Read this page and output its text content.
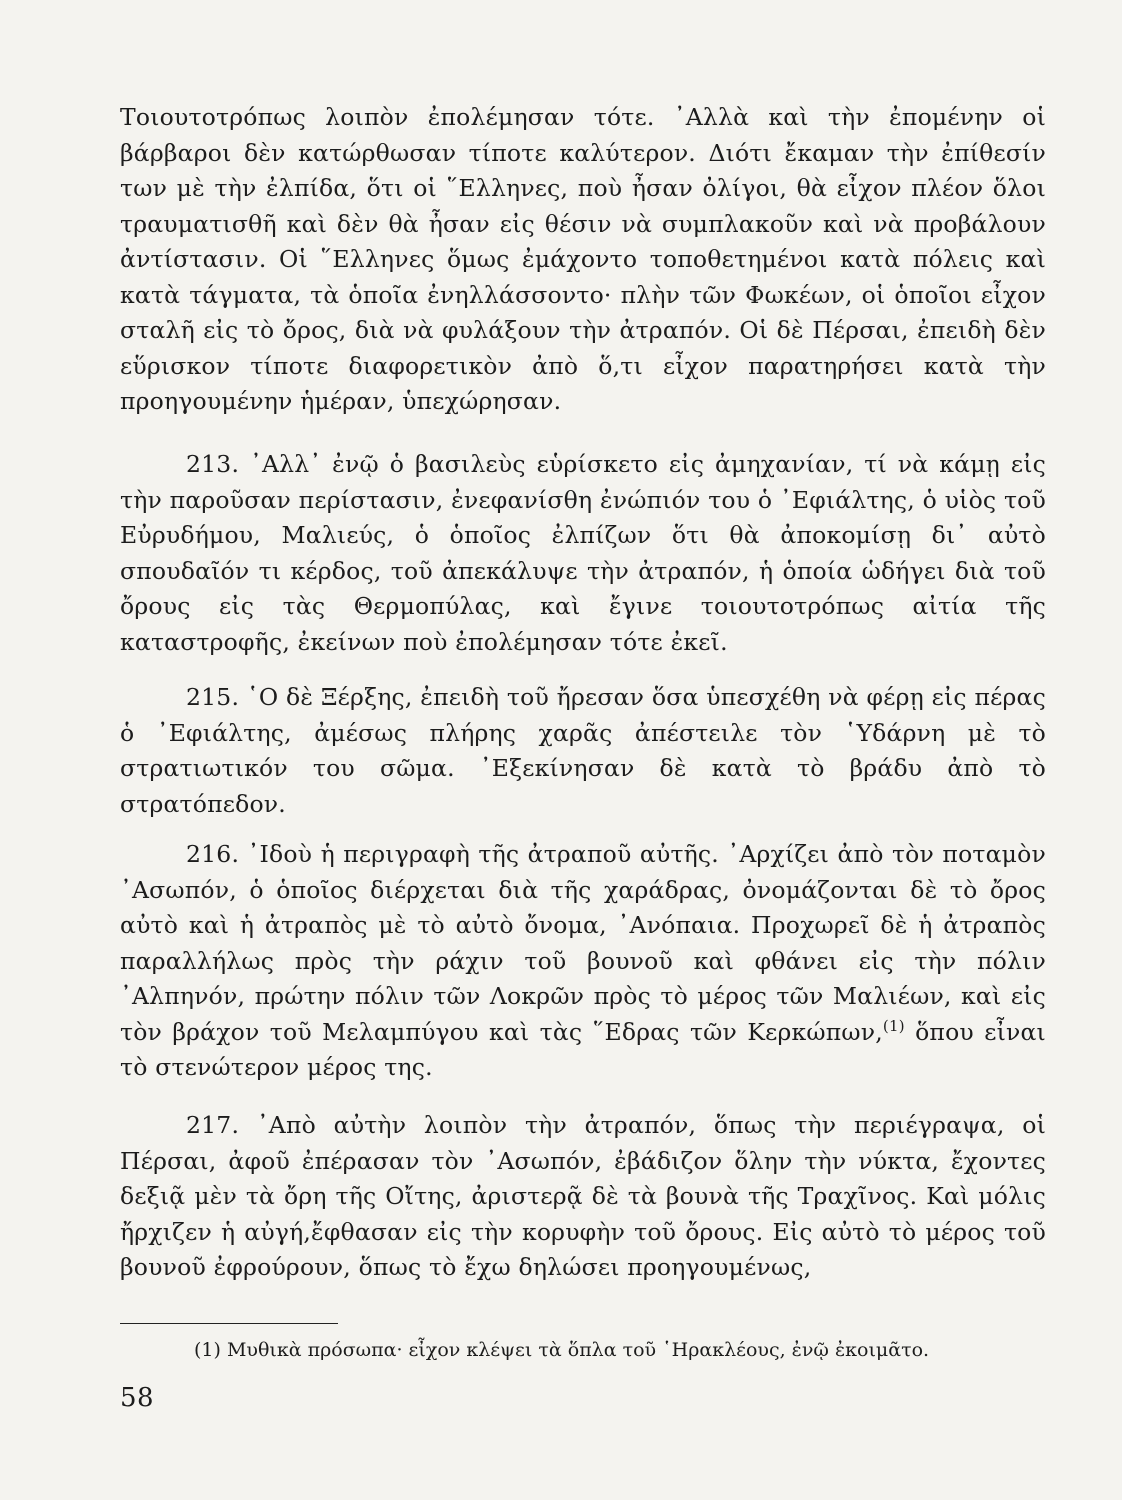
Τοιουτοτρόπως λοιπὸν ἐπολέμησαν τότε. ᾿Αλλὰ καὶ τὴν ἐπομένην οἱ βάρβαροι δὲν κατώρθωσαν τίποτε καλύτερον. Διότι ἔκαμαν τὴν ἐπίθεσίν των μὲ τὴν ἐλπίδα, ὅτι οἱ ῞Ελληνες, ποὺ ἦσαν ὀλίγοι, θὰ εἶχον πλέον ὅλοι τραυματισθῆ καὶ δὲν θὰ ἦσαν εἰς θέσιν νὰ συμπλακοῦν καὶ νὰ προβάλουν ἀντίστασιν. Οἱ ῞Ελληνες ὅμως ἐμάχοντο τοποθετημένοι κατὰ πόλεις καὶ κατὰ τάγματα, τὰ ὁποῖα ἐνηλλάσσοντο· πλὴν τῶν Φωκέων, οἱ ὁποῖοι εἶχον σταλῆ εἰς τὸ ὄρος, διὰ νὰ φυλάξουν τὴν ἀτραπόν. Οἱ δὲ Πέρσαι, ἐπειδὴ δὲν εὕρισκον τίποτε διαφορετικὸν ἀπὸ ὅ,τι εἶχον παρατηρήσει κατὰ τὴν προηγουμένην ἡμέραν, ὑπεχώρησαν.

213. ᾿Αλλ᾿ ἐνῷ ὁ βασιλεὺς εὑρίσκετο εἰς ἀμηχανίαν, τί νὰ κάμῃ εἰς τὴν παροῦσαν περίστασιν, ἐνεφανίσθη ἐνώπιόν του ὁ ᾿Εφιάλτης, ὁ υἱὸς τοῦ Εὐρυδήμου, Μαλιεύς, ὁ ὁποῖος ἐλπίζων ὅτι θὰ ἀποκομίσῃ δι᾿ αὐτὸ σπουδαῖόν τι κέρδος, τοῦ ἀπεκάλυψε τὴν ἀτραπόν, ἡ ὁποία ὡδήγει διὰ τοῦ ὄρους εἰς τὰς Θερμοπύλας, καὶ ἔγινε τοιουτοτρόπως αἰτία τῆς καταστροφῆς, ἐκείνων ποὺ ἐπολέμησαν τότε ἐκεῖ.

215. ῾Ο δὲ Ξέρξης, ἐπειδὴ τοῦ ἤρεσαν ὅσα ὑπεσχέθη νὰ φέρῃ εἰς πέρας ὁ ᾿Εφιάλτης, ἀμέσως πλήρης χαρᾶς ἀπέστειλε τὸν ῾Υδάρνη μὲ τὸ στρατιωτικόν του σῶμα. ᾿Εξεκίνησαν δὲ κατὰ τὸ βράδυ ἀπὸ τὸ στρατόπεδον.

216. ᾿Ιδοὺ ἡ περιγραφὴ τῆς ἀτραποῦ αὐτῆς. ᾿Αρχίζει ἀπὸ τὸν ποταμὸν ᾿Ασωπόν, ὁ ὁποῖος διέρχεται διὰ τῆς χαράδρας, ὀνομάζονται δὲ τὸ ὄρος αὐτὸ καὶ ἡ ἀτραπὸς μὲ τὸ αὐτὸ ὄνομα, ᾿Ανόπαια. Προχωρεῖ δὲ ἡ ἀτραπὸς παραλλήλως πρὸς τὴν ράχιν τοῦ βουνοῦ καὶ φθάνει εἰς τὴν πόλιν ᾿Αλπηνόν, πρώτην πόλιν τῶν Λοκρῶν πρὸς τὸ μέρος τῶν Μαλιέων, καὶ εἰς τὸν βράχον τοῦ Μελαμπύγου καὶ τὰς ῞Εδρας τῶν Κερκώπων,$^{(1)}$ ὅπου εἶναι τὸ στενώτερον μέρος της.

217. ᾿Απὸ αὐτὴν λοιπὸν τὴν ἀτραπόν, ὅπως τὴν περιέγραψα, οἱ Πέρσαι, ἀφοῦ ἐπέρασαν τὸν ᾿Ασωπόν, ἐβάδιζον ὅλην τὴν νύκτα, ἔχοντες δεξιᾷ μὲν τὰ ὄρη τῆς Οἴτης, ἀριστερᾷ δὲ τὰ βουνὰ τῆς Τραχῖνος. Καὶ μόλις ἤρχιζεν ἡ αὐγή,ἔφθασαν εἰς τὴν κορυφὴν τοῦ ὄρους. Εἰς αὐτὸ τὸ μέρος τοῦ βουνοῦ ἐφρούρουν, ὅπως τὸ ἔχω δηλώσει προηγουμένως,

(1) Μυθικὰ πρόσωπα· εἶχον κλέψει τὰ ὅπλα τοῦ ῾Ηρακλέους, ἐνῷ ἐκοιμᾶτο.
58
